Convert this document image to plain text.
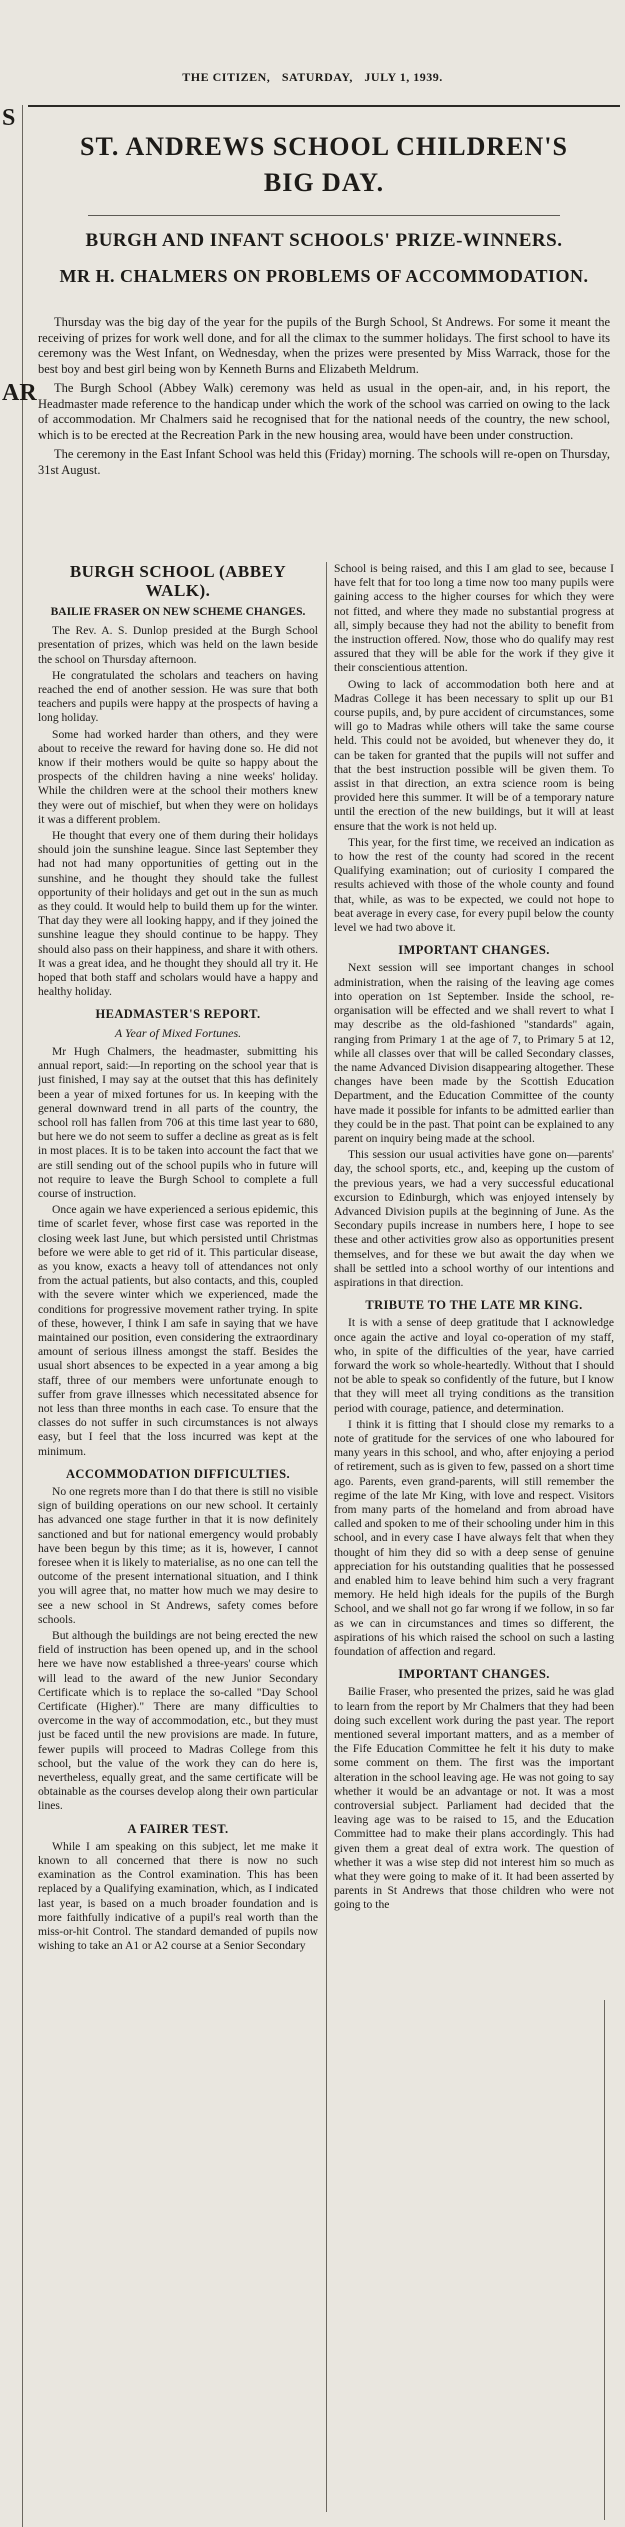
THE CITIZEN, SATURDAY, JULY 1, 1939.
S
AR
ST. ANDREWS SCHOOL CHILDREN'S
BIG DAY.
BURGH AND INFANT SCHOOLS' PRIZE-WINNERS.
MR H. CHALMERS ON PROBLEMS OF ACCOMMODATION.

Thursday was the big day of the year for the pupils of the Burgh School, St Andrews. For some it meant the receiving of prizes for work well done, and for all the climax to the summer holidays. The first school to have its ceremony was the West Infant, on Wednesday, when the prizes were presented by Miss Warrack, those for the best boy and best girl being won by Kenneth Burns and Elizabeth Meldrum.

The Burgh School (Abbey Walk) ceremony was held as usual in the open-air, and, in his report, the Headmaster made reference to the handicap under which the work of the school was carried on owing to the lack of accommodation. Mr Chalmers said he recognised that for the national needs of the country, the new school, which is to be erected at the Recreation Park in the new housing area, would have been under construction.

The ceremony in the East Infant School was held this (Friday) morning. The schools will re-open on Thursday, 31st August.

BURGH SCHOOL (ABBEY WALK).
BAILIE FRASER ON NEW SCHEME CHANGES.

The Rev. A. S. Dunlop presided at the Burgh School presentation of prizes, which was held on the lawn beside the school on Thursday afternoon.

He congratulated the scholars and teachers on having reached the end of another session. He was sure that both teachers and pupils were happy at the prospects of having a long holiday.

Some had worked harder than others, and they were about to receive the reward for having done so. He did not know if their mothers would be quite so happy about the prospects of the children having a nine weeks' holiday. While the children were at the school their mothers knew they were out of mischief, but when they were on holidays it was a different problem.

He thought that every one of them during their holidays should join the sunshine league. Since last September they had not had many opportunities of getting out in the sunshine, and he thought they should take the fullest opportunity of their holidays and get out in the sun as much as they could. It would help to build them up for the winter. That day they were all looking happy, and if they joined the sunshine league they should continue to be happy. They should also pass on their happiness, and share it with others. It was a great idea, and he thought they should all try it. He hoped that both staff and scholars would have a happy and healthy holiday.

HEADMASTER'S REPORT.
A Year of Mixed Fortunes.

Mr Hugh Chalmers, the headmaster, submitting his annual report, said:—In reporting on the school year that is just finished, I may say at the outset that this has definitely been a year of mixed fortunes for us. In keeping with the general downward trend in all parts of the country, the school roll has fallen from 706 at this time last year to 680, but here we do not seem to suffer a decline as great as is felt in most places. It is to be taken into account the fact that we are still sending out of the school pupils who in future will not require to leave the Burgh School to complete a full course of instruction.

Once again we have experienced a serious epidemic, this time of scarlet fever, whose first case was reported in the closing week last June, but which persisted until Christmas before we were able to get rid of it. This particular disease, as you know, exacts a heavy toll of attendances not only from the actual patients, but also contacts, and this, coupled with the severe winter which we experienced, made the conditions for progressive movement rather trying. In spite of these, however, I think I am safe in saying that we have maintained our position, even considering the extraordinary amount of serious illness amongst the staff. Besides the usual short absences to be expected in a year among a big staff, three of our members were unfortunate enough to suffer from grave illnesses which necessitated absence for not less than three months in each case. To ensure that the classes do not suffer in such circumstances is not always easy, but I feel that the loss incurred was kept at the minimum.

ACCOMMODATION DIFFICULTIES.

No one regrets more than I do that there is still no visible sign of building operations on our new school. It certainly has advanced one stage further in that it is now definitely sanctioned and but for national emergency would probably have been begun by this time; as it is, however, I cannot foresee when it is likely to materialise, as no one can tell the outcome of the present international situation, and I think you will agree that, no matter how much we may desire to see a new school in St Andrews, safety comes before schools.

But although the buildings are not being erected the new field of instruction has been opened up, and in the school here we have now established a three-years' course which will lead to the award of the new Junior Secondary Certificate which is to replace the so-called "Day School Certificate (Higher)." There are many difficulties to overcome in the way of accommodation, etc., but they must just be faced until the new provisions are made. In future, fewer pupils will proceed to Madras College from this school, but the value of the work they can do here is, nevertheless, equally great, and the same certificate will be obtainable as the courses develop along their own particular lines.

A FAIRER TEST.

While I am speaking on this subject, let me make it known to all concerned that there is now no such examination as the Control examination. This has been replaced by a Qualifying examination, which, as I indicated last year, is based on a much broader foundation and is more faithfully indicative of a pupil's real worth than the miss-or-hit Control. The standard demanded of pupils now wishing to take an A1 or A2 course at a Senior Secondary

School is being raised, and this I am glad to see, because I have felt that for too long a time now too many pupils were gaining access to the higher courses for which they were not fitted, and where they made no substantial progress at all, simply because they had not the ability to benefit from the instruction offered. Now, those who do qualify may rest assured that they will be able for the work if they give it their conscientious attention.

Owing to lack of accommodation both here and at Madras College it has been necessary to split up our B1 course pupils, and, by pure accident of circumstances, some will go to Madras while others will take the same course held. This could not be avoided, but whenever they do, it can be taken for granted that the pupils will not suffer and that the best instruction possible will be given them. To assist in that direction, an extra science room is being provided here this summer. It will be of a temporary nature until the erection of the new buildings, but it will at least ensure that the work is not held up.

This year, for the first time, we received an indication as to how the rest of the county had scored in the recent Qualifying examination; out of curiosity I compared the results achieved with those of the whole county and found that, while, as was to be expected, we could not hope to beat average in every case, for every pupil below the county level we had two above it.

IMPORTANT CHANGES.

Next session will see important changes in school administration, when the raising of the leaving age comes into operation on 1st September. Inside the school, re-organisation will be effected and we shall revert to what I may describe as the old-fashioned "standards" again, ranging from Primary 1 at the age of 7, to Primary 5 at 12, while all classes over that will be called Secondary classes, the name Advanced Division disappearing altogether. These changes have been made by the Scottish Education Department, and the Education Committee of the county have made it possible for infants to be admitted earlier than they could be in the past. That point can be explained to any parent on inquiry being made at the school.

This session our usual activities have gone on—parents' day, the school sports, etc., and, keeping up the custom of the previous years, we had a very successful educational excursion to Edinburgh, which was enjoyed intensely by Advanced Division pupils at the beginning of June. As the Secondary pupils increase in numbers here, I hope to see these and other activities grow also as opportunities present themselves, and for these we but await the day when we shall be settled into a school worthy of our intentions and aspirations in that direction.

TRIBUTE TO THE LATE MR KING.

It is with a sense of deep gratitude that I acknowledge once again the active and loyal co-operation of my staff, who, in spite of the difficulties of the year, have carried forward the work so whole-heartedly. Without that I should not be able to speak so confidently of the future, but I know that they will meet all trying conditions as the transition period with courage, patience, and determination.

I think it is fitting that I should close my remarks to a note of gratitude for the services of one who laboured for many years in this school, and who, after enjoying a period of retirement, such as is given to few, passed on a short time ago. Parents, even grand-parents, will still remember the regime of the late Mr King, with love and respect. Visitors from many parts of the homeland and from abroad have called and spoken to me of their schooling under him in this school, and in every case I have always felt that when they thought of him they did so with a deep sense of genuine appreciation for his outstanding qualities that he possessed and enabled him to leave behind him such a very fragrant memory. He held high ideals for the pupils of the Burgh School, and we shall not go far wrong if we follow, in so far as we can in circumstances and times so different, the aspirations of his which raised the school on such a lasting foundation of affection and regard.

IMPORTANT CHANGES.

Bailie Fraser, who presented the prizes, said he was glad to learn from the report by Mr Chalmers that they had been doing such excellent work during the past year. The report mentioned several important matters, and as a member of the Fife Education Committee he felt it his duty to make some comment on them. The first was the important alteration in the school leaving age. He was not going to say whether it would be an advantage or not. It was a most controversial subject. Parliament had decided that the leaving age was to be raised to 15, and the Education Committee had to make their plans accordingly. This had given them a great deal of extra work. The question of whether it was a wise step did not interest him so much as what they were going to make of it. It had been asserted by parents in St Andrews that those children who were not going to the
